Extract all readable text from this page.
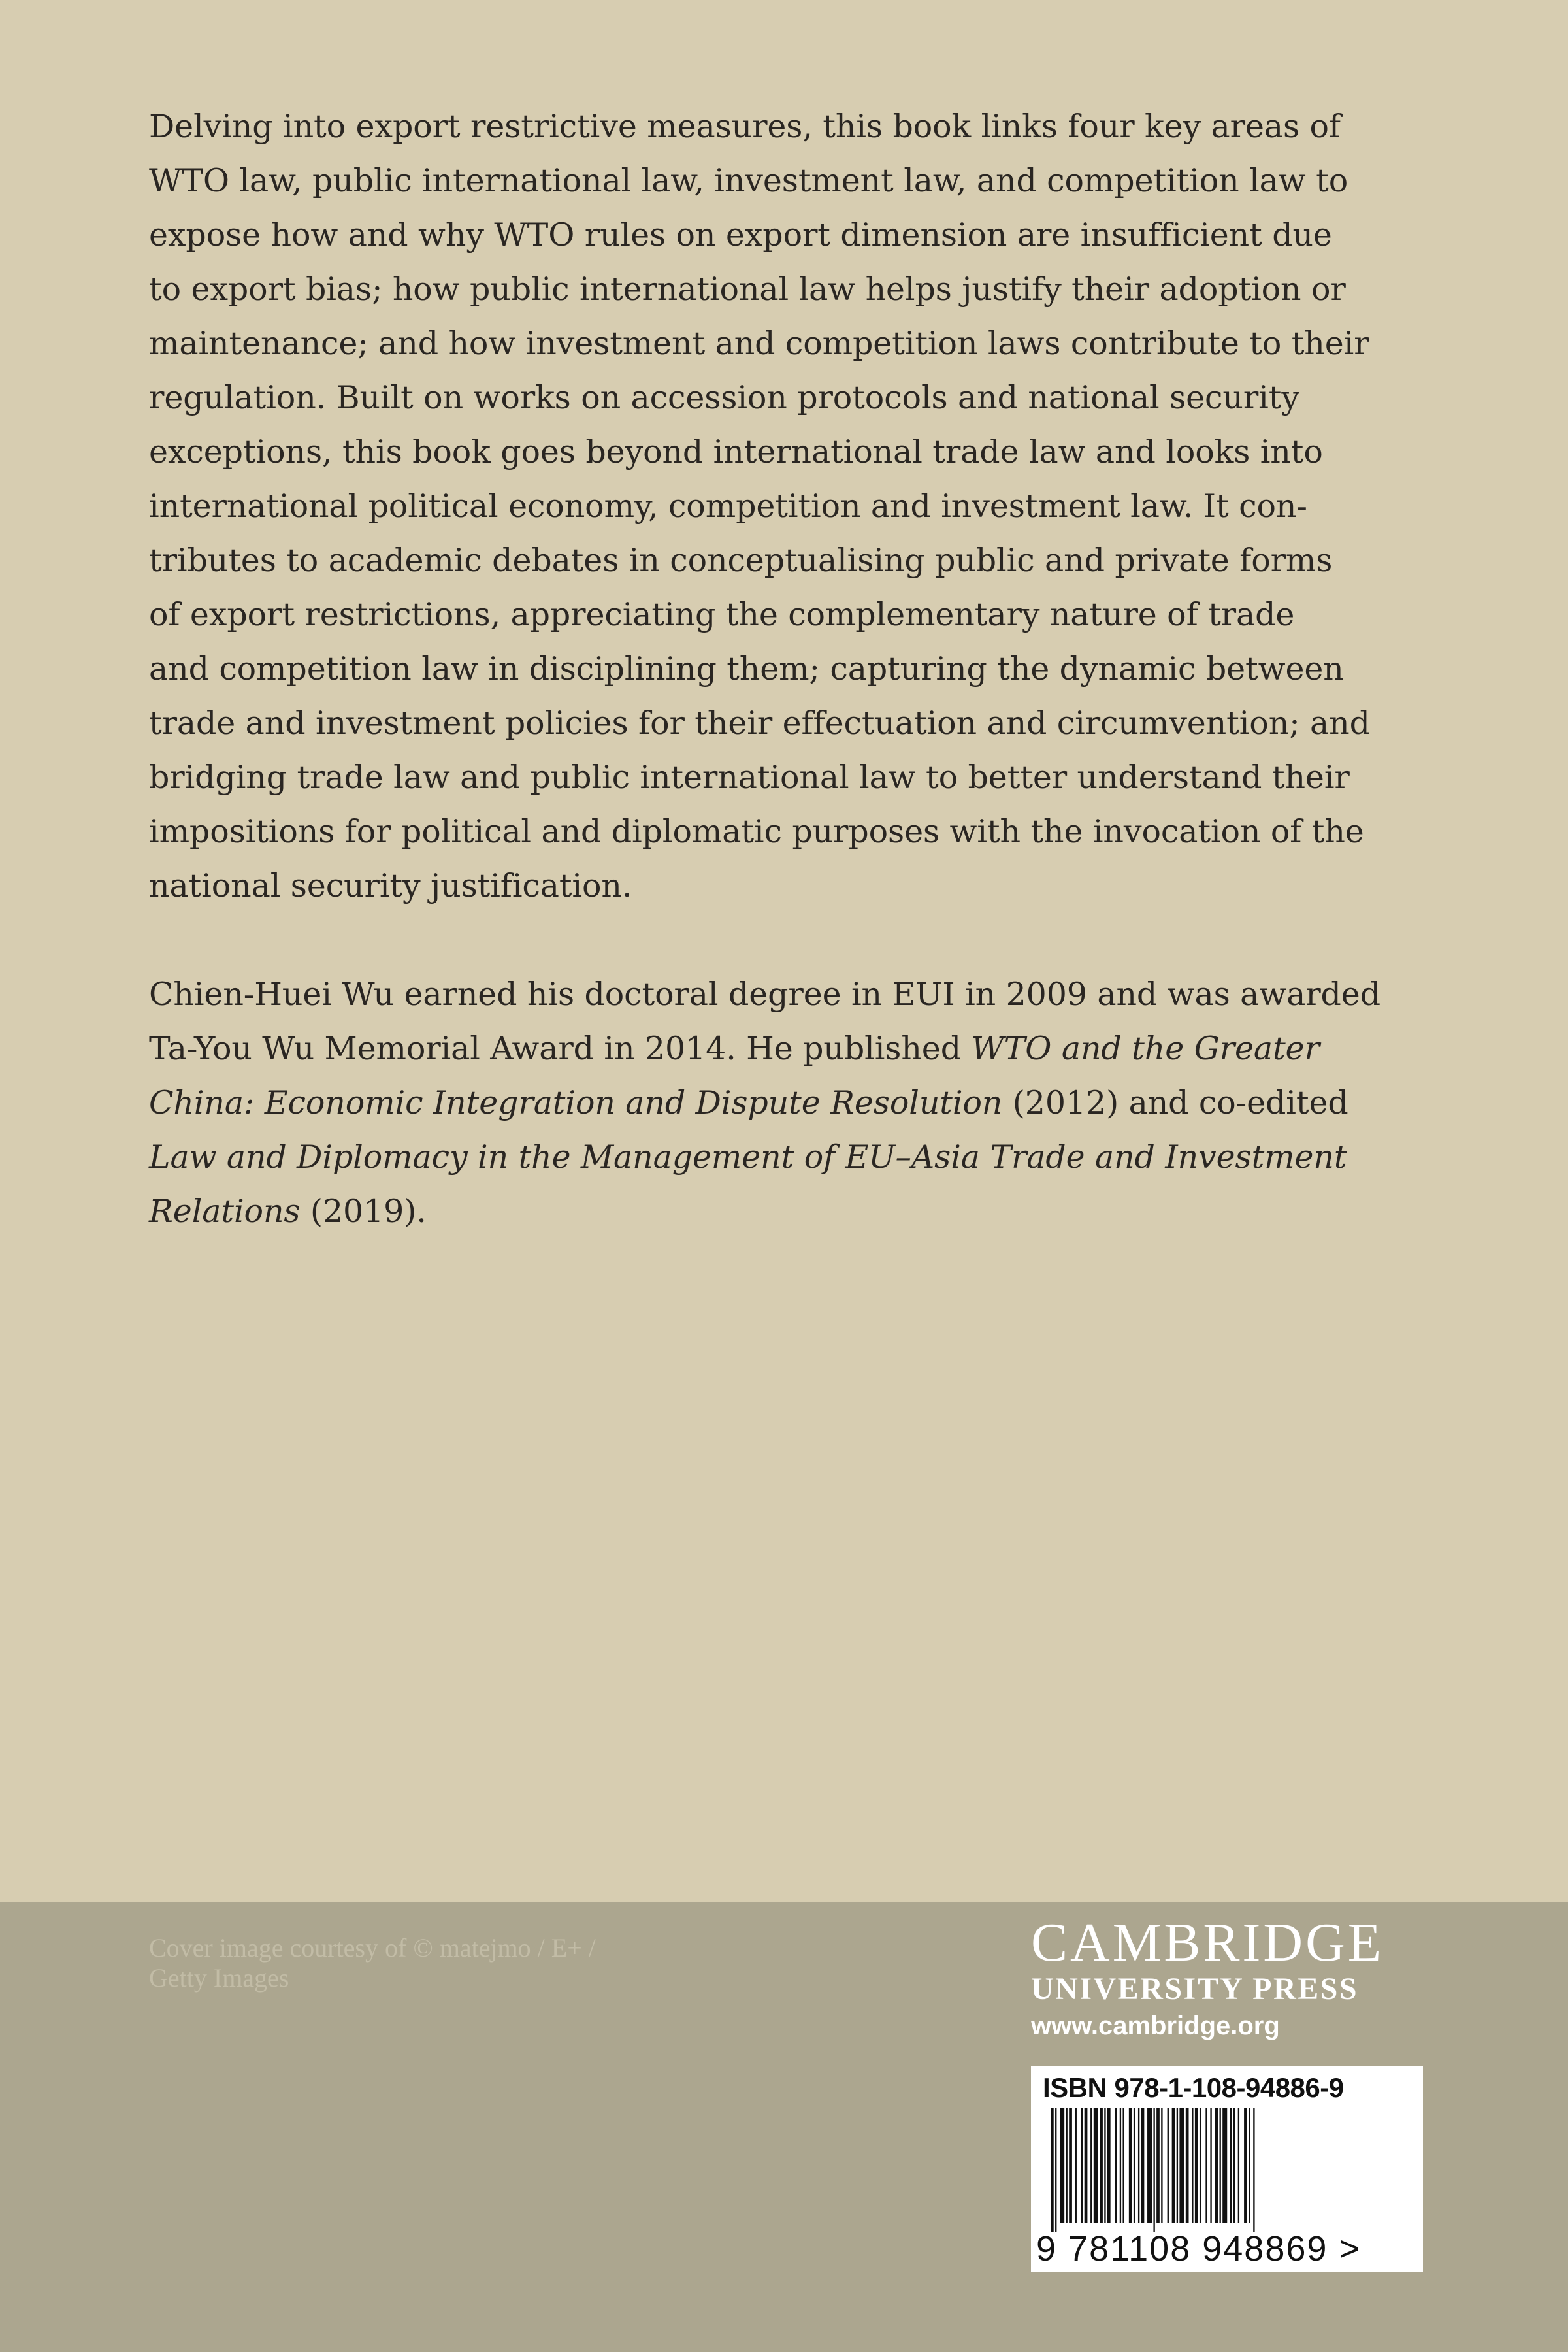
Delving into export restrictive measures, this book links four key areas of

WTO law, public international law, investment law, and competition law to

expose how and why WTO rules on export dimension are insufficient due

to export bias; how public international law helps justify their adoption or

maintenance; and how investment and competition laws contribute to their

regulation. Built on works on accession protocols and national security

exceptions, this book goes beyond international trade law and looks into

international political economy, competition and investment law. It con-

tributes to academic debates in conceptualising public and private forms

of export restrictions, appreciating the complementary nature of trade

and competition law in disciplining them; capturing the dynamic between

trade and investment policies for their effectuation and circumvention; and

bridging trade law and public international law to better understand their

impositions for political and diplomatic purposes with the invocation of the

national security justification.

Chien-Huei Wu earned his doctoral degree in EUI in 2009 and was awarded

Ta-You Wu Memorial Award in 2014. He published WTO and the Greater

China: Economic Integration and Dispute Resolution (2012) and co-edited

Law and Diplomacy in the Management of EU–Asia Trade and Investment

Relations (2019).

Cover image courtesy of © matejmo / E+ /
Getty Images
CAMBRIDGE
UNIVERSITY PRESS
www.cambridge.org
ISBN 978-1-108-94886-9
9 781108 948869 >
